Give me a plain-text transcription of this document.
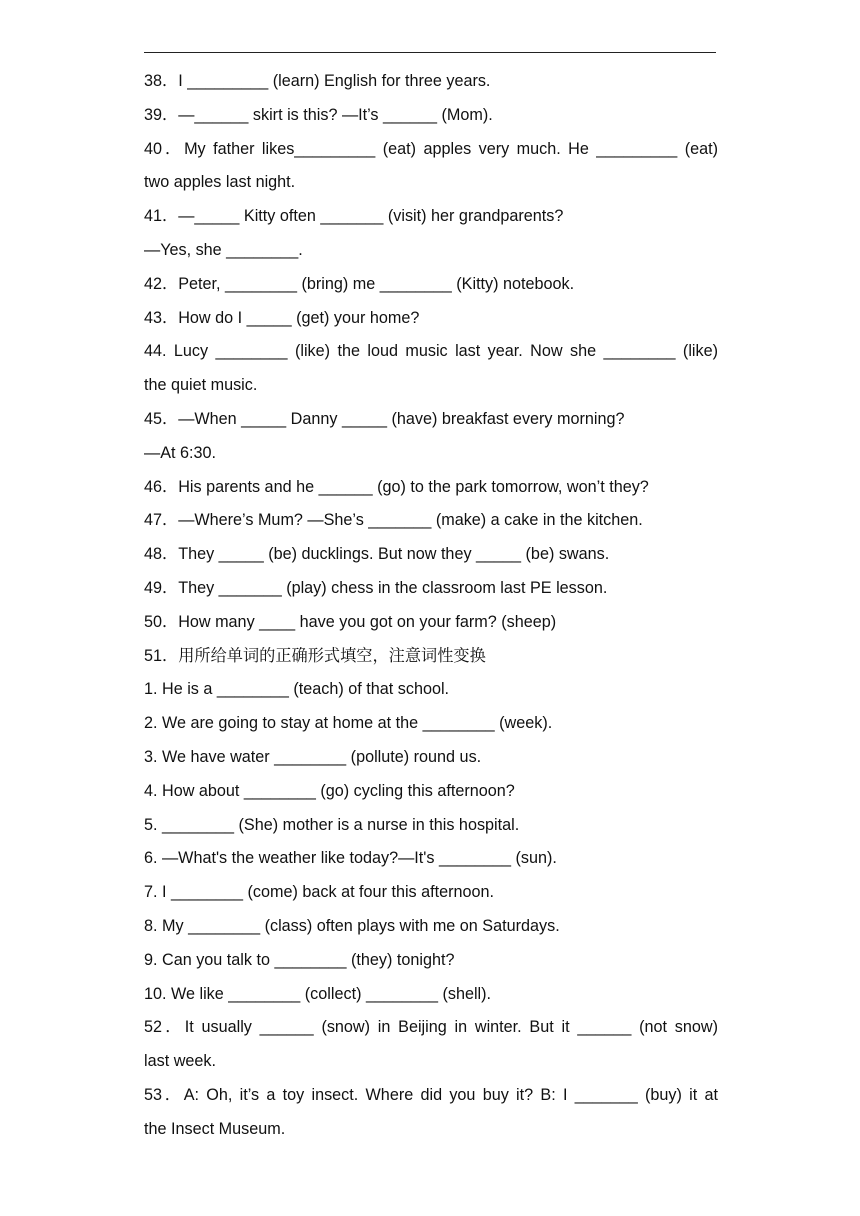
38．I _________ (learn) English for three years.
39．—______ skirt is this? —It’s ______ (Mom).
40．My father likes_________ (eat) apples very much. He _________ (eat)
two apples last night.
41．—_____ Kitty often _______ (visit) her grandparents?
—Yes, she ________.
42．Peter, ________ (bring) me ________ (Kitty) notebook.
43．How do I _____ (get) your home?
44. Lucy ________ (like) the loud music last year. Now she ________ (like)
the quiet music.
45．—When _____ Danny _____ (have) breakfast every morning?
—At 6:30.
46．His parents and he ______ (go) to the park tomorrow, won’t they?
47．—Where’s Mum? —She’s _______ (make) a cake in the kitchen.
48．They _____ (be) ducklings. But now they _____ (be) swans.
49．They _______ (play) chess in the classroom last PE lesson.
50．How many ____ have you got on your farm? (sheep)
51．用所给单词的正确形式填空，注意词性变换
1. He is a ________ (teach) of that school.
2. We are going to stay at home at the ________ (week).
3. We have water ________ (pollute) round us.
4. How about ________ (go) cycling this afternoon?
5. ________ (She) mother is a nurse in this hospital.
6. —What's the weather like today?—It's ________ (sun).
7. I ________ (come) back at four this afternoon.
8. My ________ (class) often plays with me on Saturdays.
9. Can you talk to ________ (they) tonight?
10. We like ________ (collect) ________ (shell).
52．It usually ______ (snow) in Beijing in winter. But it ______ (not snow)
last week.
53．A: Oh, it’s a toy insect. Where did you buy it? B: I _______ (buy) it at
the Insect Museum.
